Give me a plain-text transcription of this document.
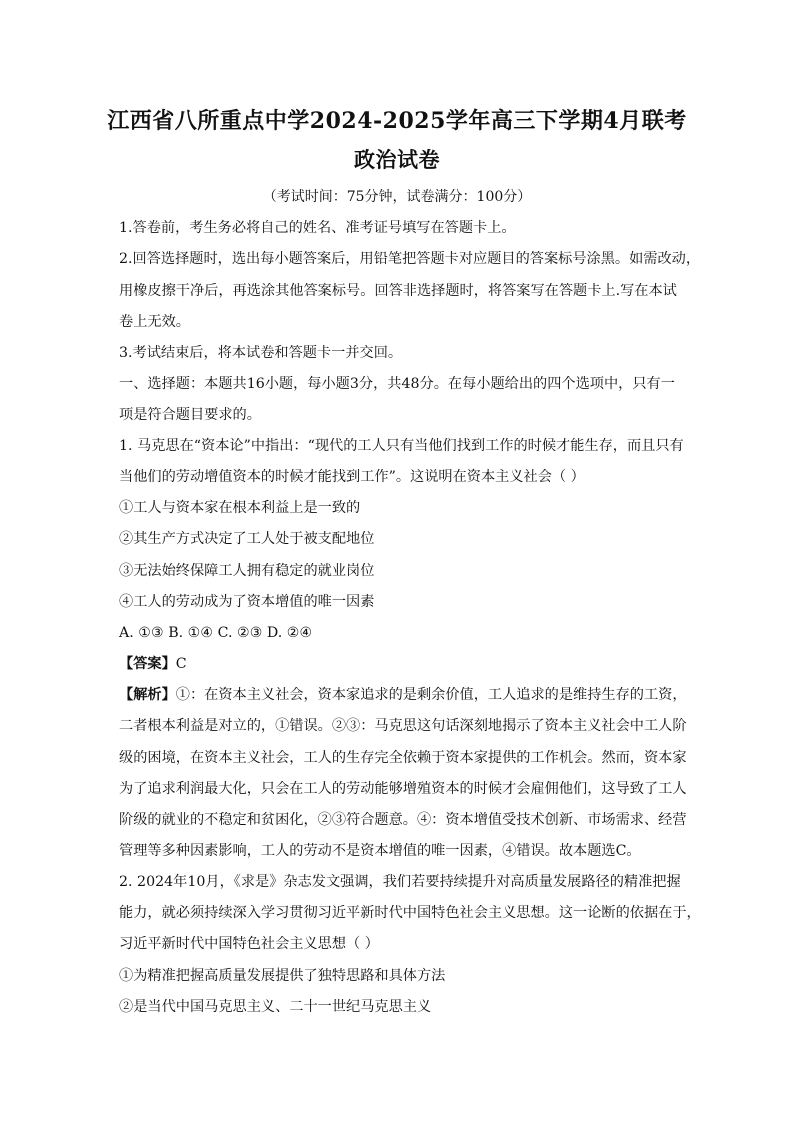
江西省八所重点中学2024-2025学年高三下学期4月联考
政治试卷
（考试时间：75分钟，试卷满分：100分）
1.答卷前，考生务必将自己的姓名、准考证号填写在答题卡上。
2.回答选择题时，选出每小题答案后，用铅笔把答题卡对应题目的答案标号涂黑。如需改动，
用橡皮擦干净后，再选涂其他答案标号。回答非选择题时，将答案写在答题卡上.写在本试
卷上无效。
3.考试结束后，将本试卷和答题卡一并交回。
一、选择题：本题共16小题，每小题3分，共48分。在每小题给出的四个选项中，只有一
项是符合题目要求的。
1. 马克思在“资本论”中指出：“现代的工人只有当他们找到工作的时候才能生存，而且只有
当他们的劳动增值资本的时候才能找到工作”。这说明在资本主义社会（ ）
①工人与资本家在根本利益上是一致的
②其生产方式决定了工人处于被支配地位
③无法始终保障工人拥有稳定的就业岗位
④工人的劳动成为了资本增值的唯一因素
A. ①③ B. ①④ C. ②③ D. ②④
【答案】C
【解析】①：在资本主义社会，资本家追求的是剩余价值，工人追求的是维持生存的工资，
二者根本利益是对立的，①错误。②③：马克思这句话深刻地揭示了资本主义社会中工人阶
级的困境，在资本主义社会，工人的生存完全依赖于资本家提供的工作机会。然而，资本家
为了追求利润最大化，只会在工人的劳动能够增殖资本的时候才会雇佣他们，这导致了工人
阶级的就业的不稳定和贫困化，②③符合题意。④：资本增值受技术创新、市场需求、经营
管理等多种因素影响，工人的劳动不是资本增值的唯一因素，④错误。故本题选C。
2. 2024年10月，《求是》杂志发文强调，我们若要持续提升对高质量发展路径的精准把握
能力，就必须持续深入学习贯彻习近平新时代中国特色社会主义思想。这一论断的依据在于，
习近平新时代中国特色社会主义思想（ ）
①为精准把握高质量发展提供了独特思路和具体方法
②是当代中国马克思主义、二十一世纪马克思主义
